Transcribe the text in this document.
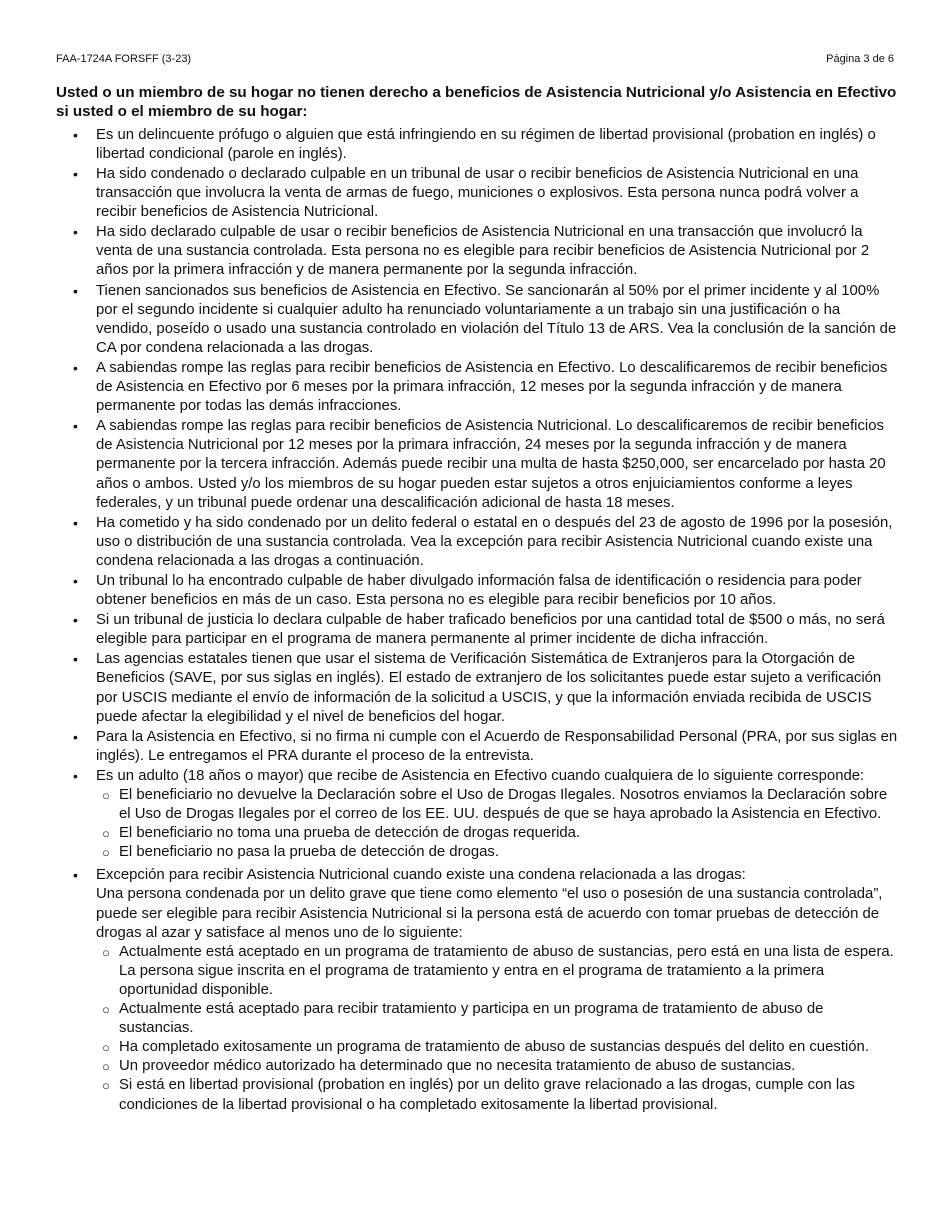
FAA-1724A FORSFF (3-23)	Página 3 de 6

Usted o un miembro de su hogar no tienen derecho a beneficios de Asistencia Nutricional y/o Asistencia en Efectivo si usted o el miembro de su hogar:

• Es un delincuente prófugo o alguien que está infringiendo en su régimen de libertad provisional (probation en inglés) o libertad condicional (parole en inglés).
• Ha sido condenado o declarado culpable en un tribunal de usar o recibir beneficios de Asistencia Nutricional en una transacción que involucra la venta de armas de fuego, municiones o explosivos. Esta persona nunca podrá volver a recibir beneficios de Asistencia Nutricional.
• Ha sido declarado culpable de usar o recibir beneficios de Asistencia Nutricional en una transacción que involucró la venta de una sustancia controlada. Esta persona no es elegible para recibir beneficios de Asistencia Nutricional por 2 años por la primera infracción y de manera permanente por la segunda infracción.
• Tienen sancionados sus beneficios de Asistencia en Efectivo. Se sancionarán al 50% por el primer incidente y al 100% por el segundo incidente si cualquier adulto ha renunciado voluntariamente a un trabajo sin una justificación o ha vendido, poseído o usado una sustancia controlado en violación del Título 13 de ARS. Vea la conclusión de la sanción de CA por condena relacionada a las drogas.
• A sabiendas rompe las reglas para recibir beneficios de Asistencia en Efectivo. Lo descalificaremos de recibir beneficios de Asistencia en Efectivo por 6 meses por la primara infracción, 12 meses por la segunda infracción y de manera permanente por todas las demás infracciones.
• A sabiendas rompe las reglas para recibir beneficios de Asistencia Nutricional. Lo descalificaremos de recibir beneficios de Asistencia Nutricional por 12 meses por la primara infracción, 24 meses por la segunda infracción y de manera permanente por la tercera infracción. Además puede recibir una multa de hasta $250,000, ser encarcelado por hasta 20 años o ambos. Usted y/o los miembros de su hogar pueden estar sujetos a otros enjuiciamientos conforme a leyes federales, y un tribunal puede ordenar una descalificación adicional de hasta 18 meses.
• Ha cometido y ha sido condenado por un delito federal o estatal en o después del 23 de agosto de 1996 por la posesión, uso o distribución de una sustancia controlada. Vea la excepción para recibir Asistencia Nutricional cuando existe una condena relacionada a las drogas a continuación.
• Un tribunal lo ha encontrado culpable de haber divulgado información falsa de identificación o residencia para poder obtener beneficios en más de un caso. Esta persona no es elegible para recibir beneficios por 10 años.
• Si un tribunal de justicia lo declara culpable de haber traficado beneficios por una cantidad total de $500 o más, no será elegible para participar en el programa de manera permanente al primer incidente de dicha infracción.
• Las agencias estatales tienen que usar el sistema de Verificación Sistemática de Extranjeros para la Otorgación de Beneficios (SAVE, por sus siglas en inglés). El estado de extranjero de los solicitantes puede estar sujeto a verificación por USCIS mediante el envío de información de la solicitud a USCIS, y que la información enviada recibida de USCIS puede afectar la elegibilidad y el nivel de beneficios del hogar.
• Para la Asistencia en Efectivo, si no firma ni cumple con el Acuerdo de Responsabilidad Personal (PRA, por sus siglas en inglés). Le entregamos el PRA durante el proceso de la entrevista.
• Es un adulto (18 años o mayor) que recibe de Asistencia en Efectivo cuando cualquiera de lo siguiente corresponde:
○ El beneficiario no devuelve la Declaración sobre el Uso de Drogas Ilegales. Nosotros enviamos la Declaración sobre el Uso de Drogas Ilegales por el correo de los EE. UU. después de que se haya aprobado la Asistencia en Efectivo.
○ El beneficiario no toma una prueba de detección de drogas requerida.
○ El beneficiario no pasa la prueba de detección de drogas.
• Excepción para recibir Asistencia Nutricional cuando existe una condena relacionada a las drogas:
Una persona condenada por un delito grave que tiene como elemento “el uso o posesión de una sustancia controlada”, puede ser elegible para recibir Asistencia Nutricional si la persona está de acuerdo con tomar pruebas de detección de drogas al azar y satisface al menos uno de lo siguiente:
○ Actualmente está aceptado en un programa de tratamiento de abuso de sustancias, pero está en una lista de espera. La persona sigue inscrita en el programa de tratamiento y entra en el programa de tratamiento a la primera oportunidad disponible.
○ Actualmente está aceptado para recibir tratamiento y participa en un programa de tratamiento de abuso de sustancias.
○ Ha completado exitosamente un programa de tratamiento de abuso de sustancias después del delito en cuestión.
○ Un proveedor médico autorizado ha determinado que no necesita tratamiento de abuso de sustancias.
○ Si está en libertad provisional (probation en inglés) por un delito grave relacionado a las drogas, cumple con las condiciones de la libertad provisional o ha completado exitosamente la libertad provisional.
